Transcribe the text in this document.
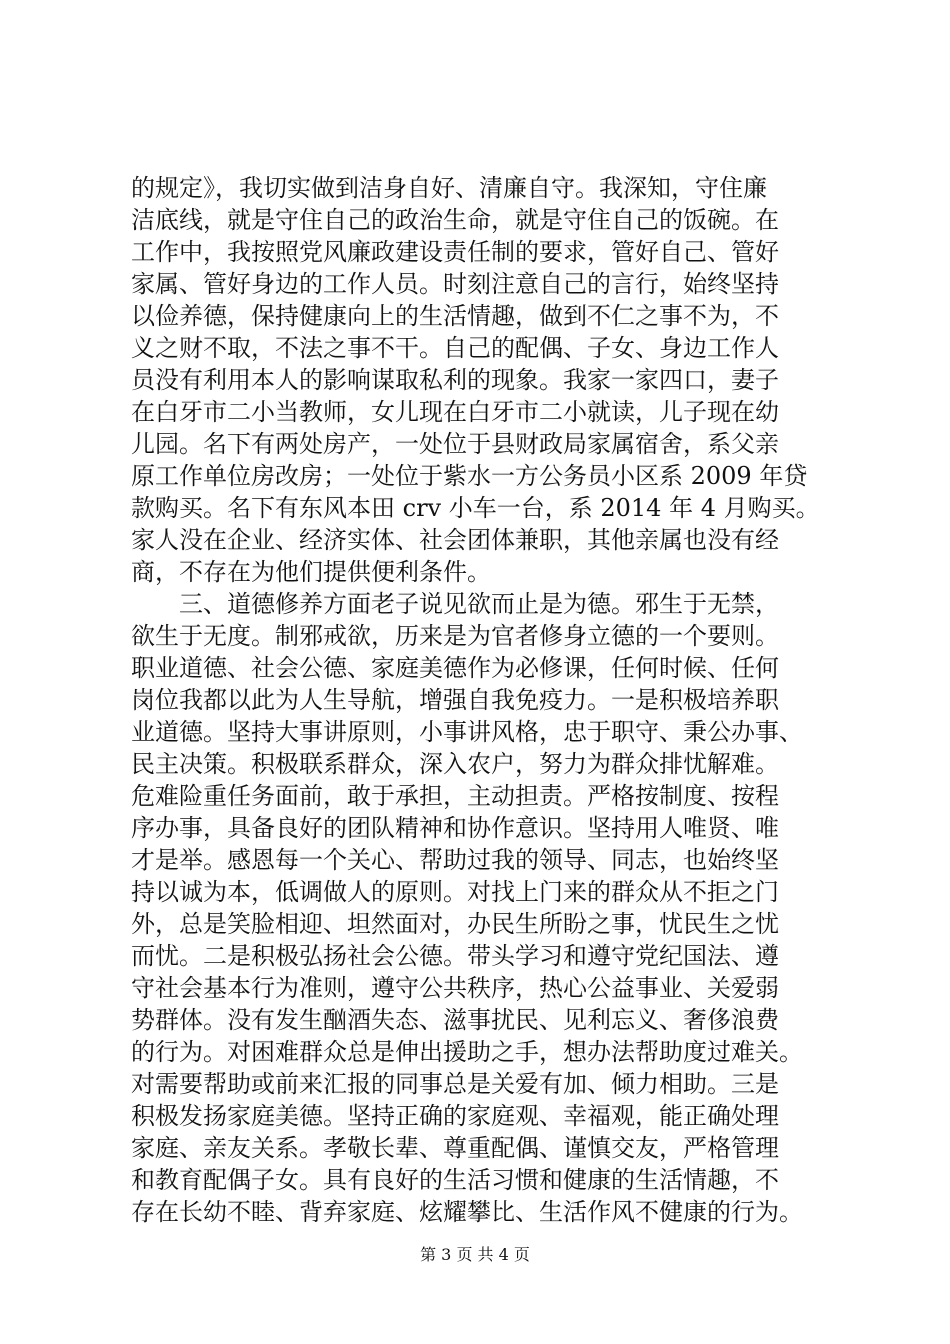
的规定》，我切实做到洁身自好、清廉自守。我深知，守住廉
洁底线，就是守住自己的政治生命，就是守住自己的饭碗。在
工作中，我按照党风廉政建设责任制的要求，管好自己、管好
家属、管好身边的工作人员。时刻注意自己的言行，始终坚持
以俭养德，保持健康向上的生活情趣，做到不仁之事不为，不
义之财不取，不法之事不干。自己的配偶、子女、身边工作人
员没有利用本人的影响谋取私利的现象。我家一家四口，妻子
在白牙市二小当教师，女儿现在白牙市二小就读，儿子现在幼
儿园。名下有两处房产，一处位于县财政局家属宿舍，系父亲
原工作单位房改房；一处位于紫水一方公务员小区系 2009 年贷
款购买。名下有东风本田 crv 小车一台，系 2014 年 4 月购买。
家人没在企业、经济实体、社会团体兼职，其他亲属也没有经
商，不存在为他们提供便利条件。
　　三、道德修养方面老子说见欲而止是为德。邪生于无禁，
欲生于无度。制邪戒欲，历来是为官者修身立德的一个要则。
职业道德、社会公德、家庭美德作为必修课，任何时候、任何
岗位我都以此为人生导航，增强自我免疫力。一是积极培养职
业道德。坚持大事讲原则，小事讲风格，忠于职守、秉公办事、
民主决策。积极联系群众，深入农户，努力为群众排忧解难。
危难险重任务面前，敢于承担，主动担责。严格按制度、按程
序办事，具备良好的团队精神和协作意识。坚持用人唯贤、唯
才是举。感恩每一个关心、帮助过我的领导、同志，也始终坚
持以诚为本，低调做人的原则。对找上门来的群众从不拒之门
外，总是笑脸相迎、坦然面对，办民生所盼之事，忧民生之忧
而忧。二是积极弘扬社会公德。带头学习和遵守党纪国法、遵
守社会基本行为准则，遵守公共秩序，热心公益事业、关爱弱
势群体。没有发生酗酒失态、滋事扰民、见利忘义、奢侈浪费
的行为。对困难群众总是伸出援助之手，想办法帮助度过难关。
对需要帮助或前来汇报的同事总是关爱有加、倾力相助。三是
积极发扬家庭美德。坚持正确的家庭观、幸福观，能正确处理
家庭、亲友关系。孝敬长辈、尊重配偶、谨慎交友，严格管理
和教育配偶子女。具有良好的生活习惯和健康的生活情趣，不
存在长幼不睦、背弃家庭、炫耀攀比、生活作风不健康的行为。
第 3 页 共 4 页
